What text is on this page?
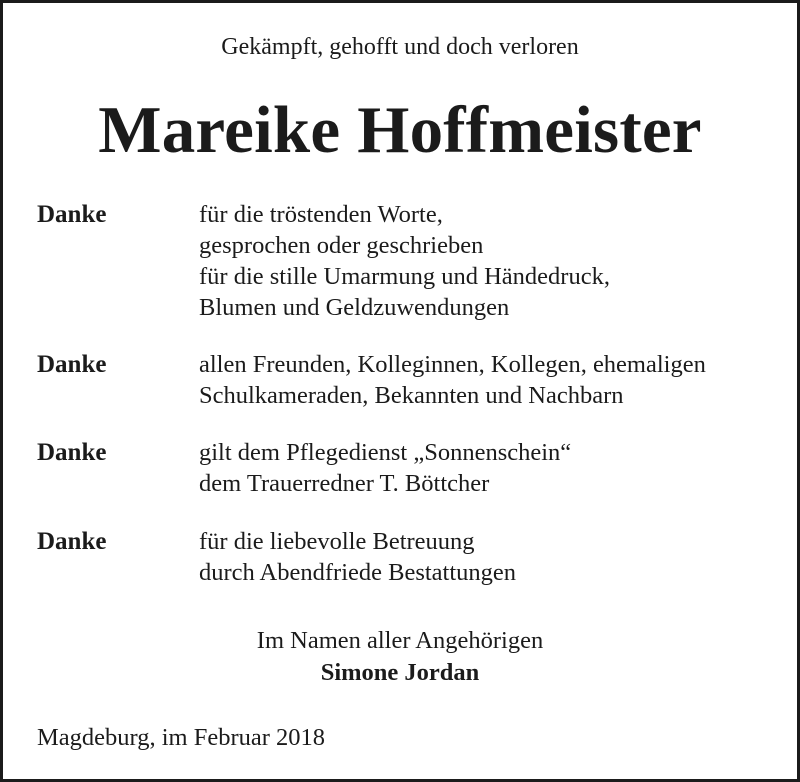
Gekämpft, gehofft und doch verloren
Mareike Hoffmeister
Danke	für die tröstenden Worte,
gesprochen oder geschrieben
für die stille Umarmung und Händedruck,
Blumen und Geldzuwendungen
Danke	allen Freunden, Kolleginnen, Kollegen, ehemaligen
Schulkameraden, Bekannten und Nachbarn
Danke	gilt dem Pflegedienst „Sonnenschein“
dem Trauerredner T. Böttcher
Danke	für die liebevolle Betreuung
durch Abendfriede Bestattungen
Im Namen aller Angehörigen
Simone Jordan
Magdeburg, im Februar 2018
